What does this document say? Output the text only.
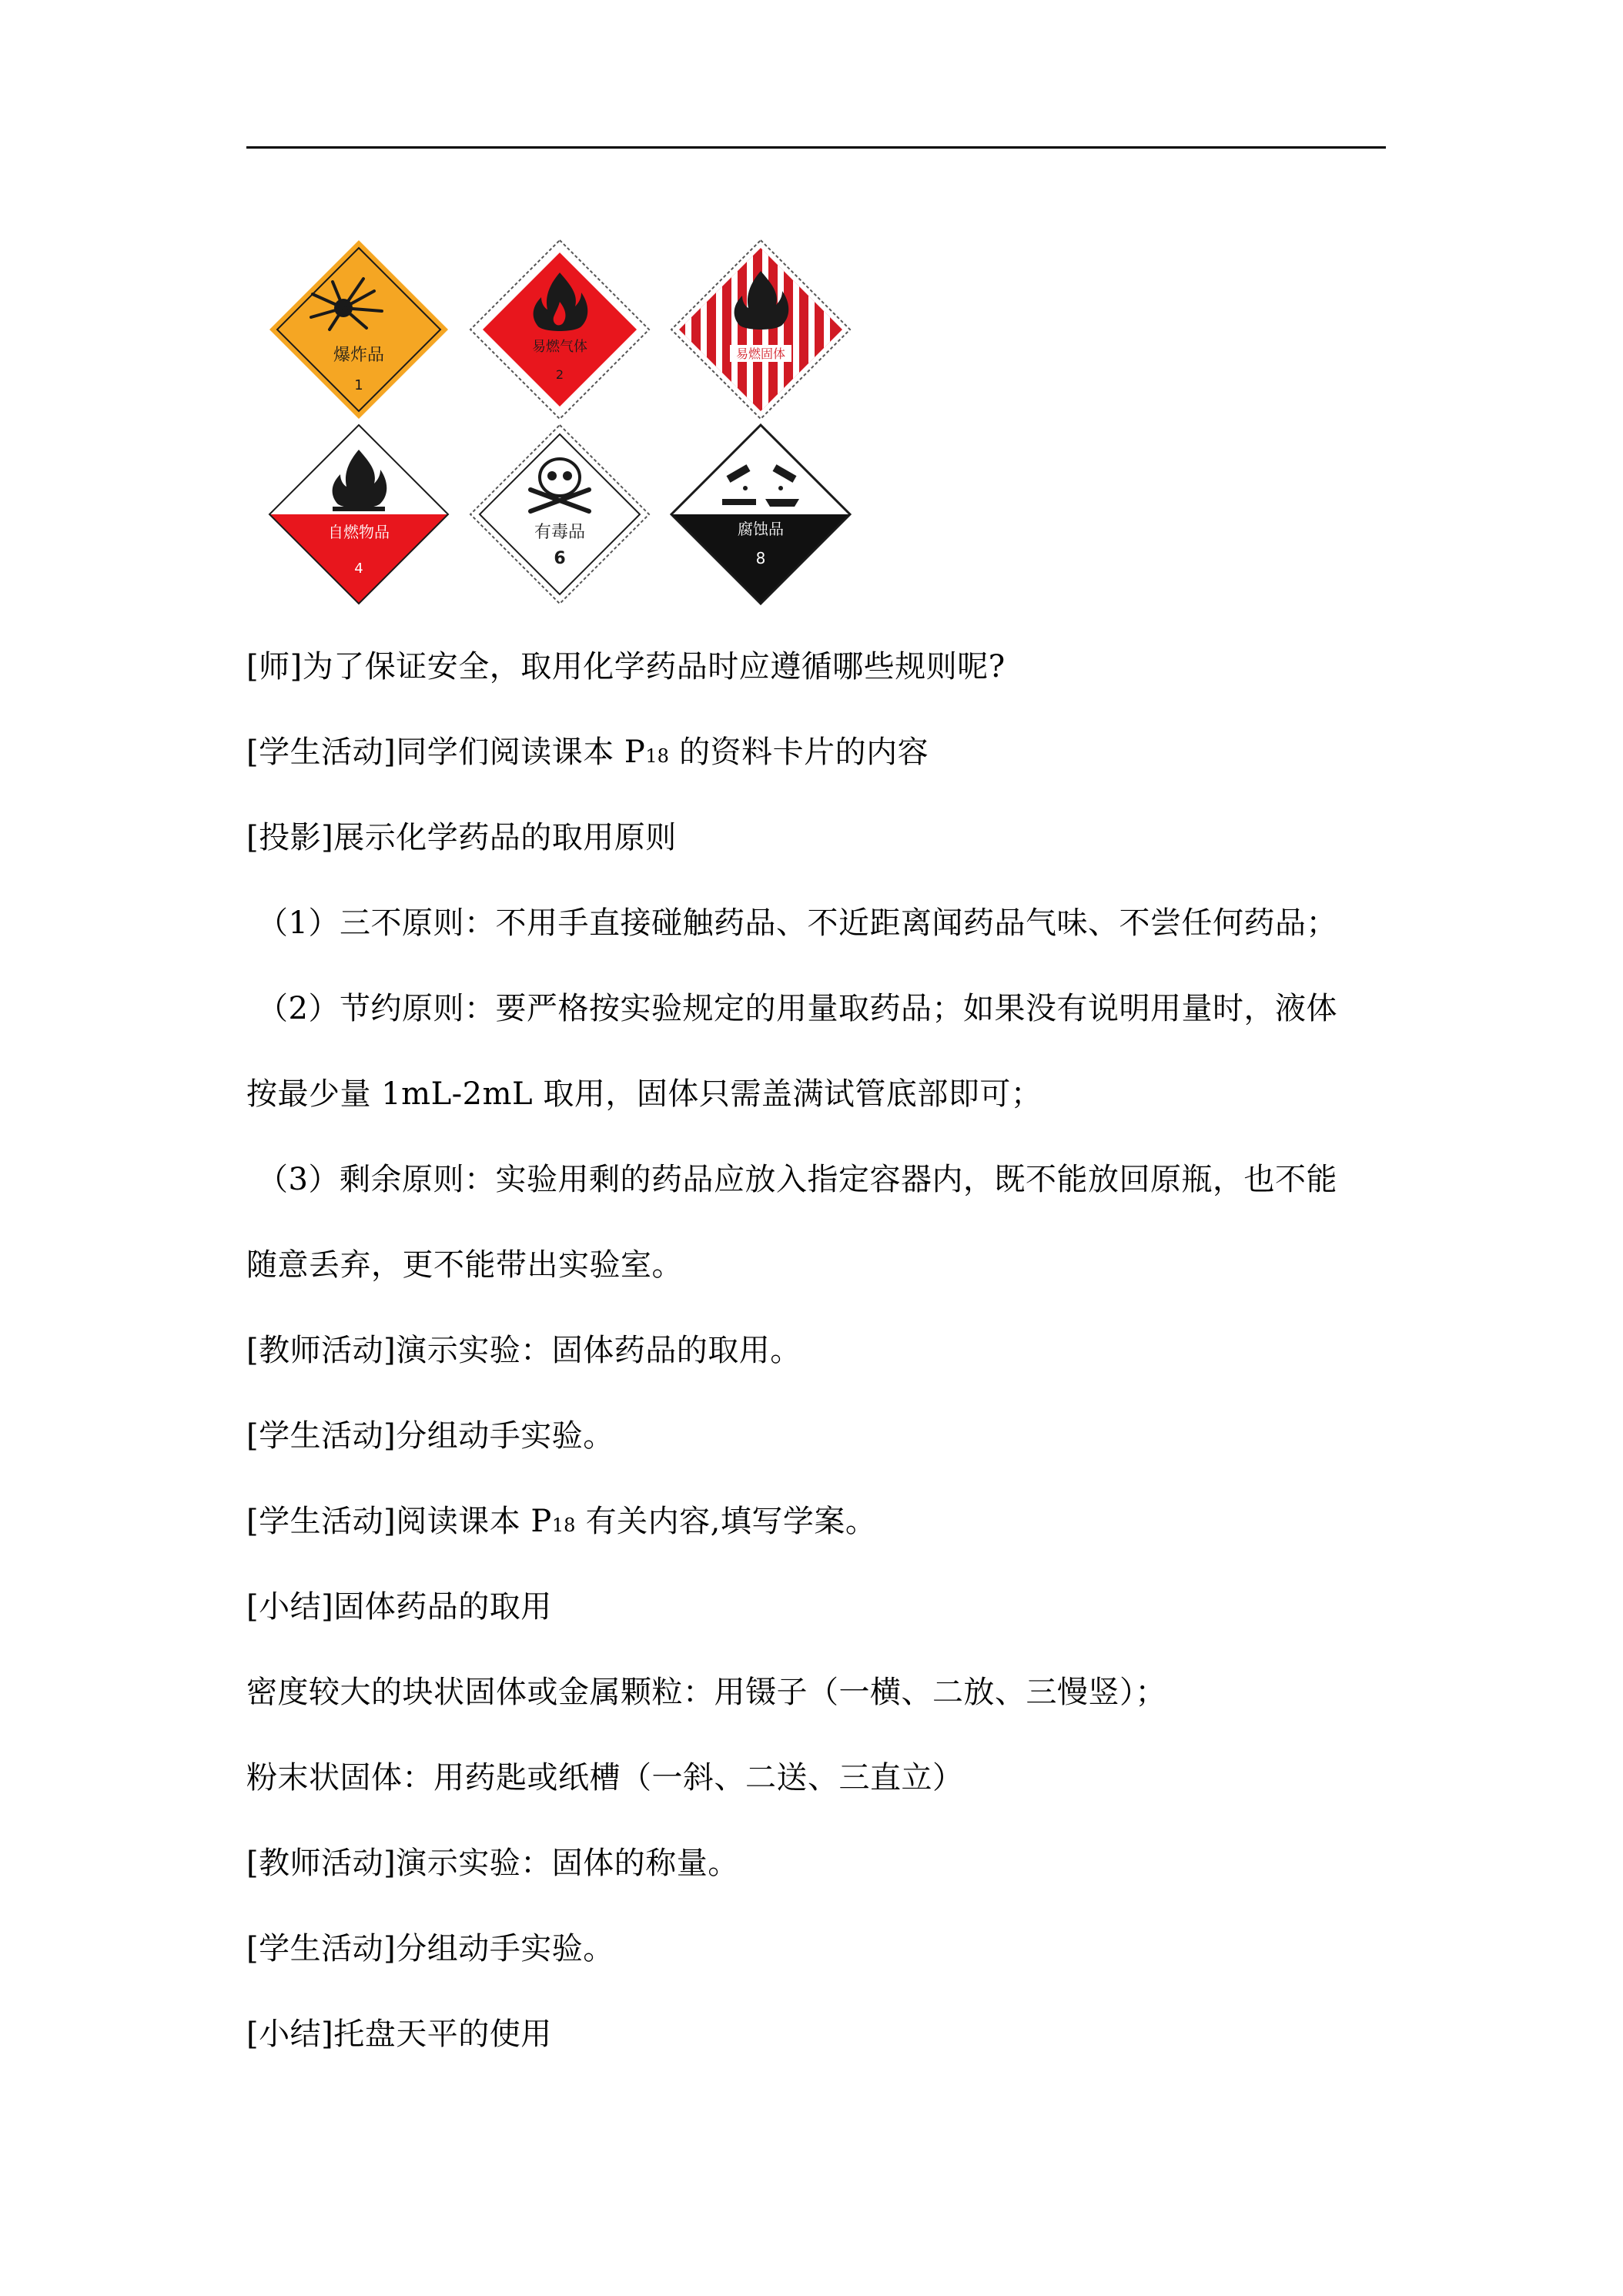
爆炸品
1
易燃气体
2
易燃固体
自燃物品
4
有毒品
6
腐蚀品
8
[师]为了保证安全，取用化学药品时应遵循哪些规则呢?
[学生活动]同学们阅读课本 P18 的资料卡片的内容
[投影]展示化学药品的取用原则
（1）三不原则：不用手直接碰触药品、不近距离闻药品气味、不尝任何药品；
（2）节约原则：要严格按实验规定的用量取药品；如果没有说明用量时，液体
按最少量 1mL-2mL 取用，固体只需盖满试管底部即可；
（3）剩余原则：实验用剩的药品应放入指定容器内，既不能放回原瓶，也不能
随意丢弃，更不能带出实验室。
[教师活动]演示实验：固体药品的取用。
[学生活动]分组动手实验。
[学生活动]阅读课本 P18 有关内容,填写学案。
[小结]固体药品的取用
密度较大的块状固体或金属颗粒：用镊子（一横、二放、三慢竖）；
粉末状固体：用药匙或纸槽（一斜、二送、三直立）
[教师活动]演示实验：固体的称量。
[学生活动]分组动手实验。
[小结]托盘天平的使用
